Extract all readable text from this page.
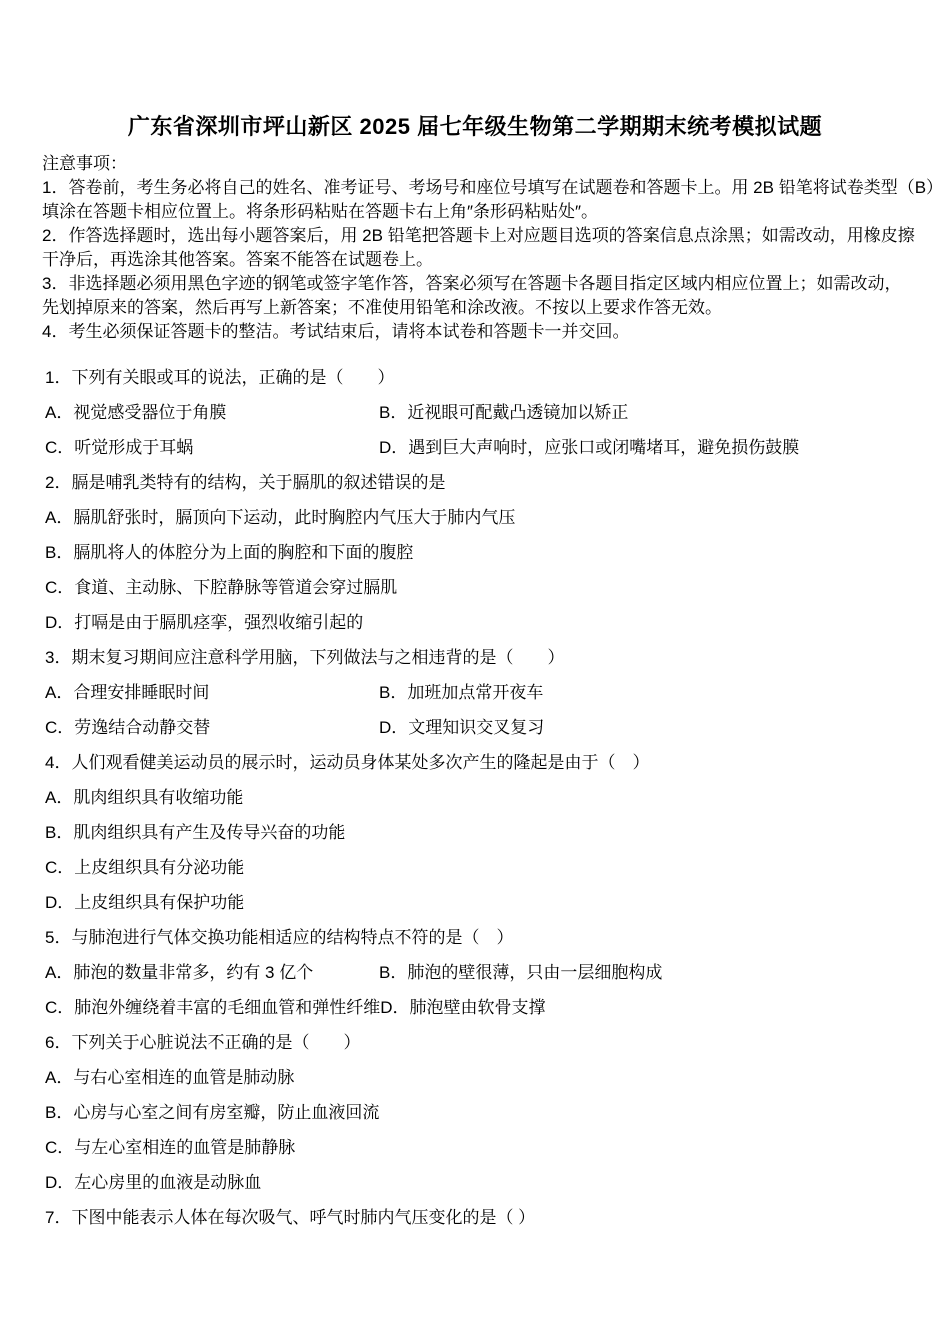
广东省深圳市坪山新区 2025 届七年级生物第二学期期末统考模拟试题
注意事项：
1．答卷前，考生务必将自己的姓名、准考证号、考场号和座位号填写在试题卷和答题卡上。用 2B 铅笔将试卷类型（B）
填涂在答题卡相应位置上。将条形码粘贴在答题卡右上角″条形码粘贴处″。
2．作答选择题时，选出每小题答案后，用 2B 铅笔把答题卡上对应题目选项的答案信息点涂黑；如需改动，用橡皮擦
干净后，再选涂其他答案。答案不能答在试题卷上。
3．非选择题必须用黑色字迹的钢笔或签字笔作答，答案必须写在答题卡各题目指定区域内相应位置上；如需改动，
先划掉原来的答案，然后再写上新答案；不准使用铅笔和涂改液。不按以上要求作答无效。
4．考生必须保证答题卡的整洁。考试结束后，请将本试卷和答题卡一并交回。
1．下列有关眼或耳的说法，正确的是（　　）
A．视觉感受器位于角膜	B．近视眼可配戴凸透镜加以矫正
C．听觉形成于耳蜗	D．遇到巨大声响时，应张口或闭嘴堵耳，避免损伤鼓膜
2．膈是哺乳类特有的结构，关于膈肌的叙述错误的是
A．膈肌舒张时，膈顶向下运动，此时胸腔内气压大于肺内气压
B．膈肌将人的体腔分为上面的胸腔和下面的腹腔
C．食道、主动脉、下腔静脉等管道会穿过膈肌
D．打嗝是由于膈肌痉挛，强烈收缩引起的
3．期末复习期间应注意科学用脑，下列做法与之相违背的是（　　）
A．合理安排睡眠时间	B．加班加点常开夜车
C．劳逸结合动静交替	D．文理知识交叉复习
4．人们观看健美运动员的展示时，运动员身体某处多次产生的隆起是由于（　）
A．肌肉组织具有收缩功能
B．肌肉组织具有产生及传导兴奋的功能
C．上皮组织具有分泌功能
D．上皮组织具有保护功能
5．与肺泡进行气体交换功能相适应的结构特点不符的是（　）
A．肺泡的数量非常多，约有 3 亿个	B．肺泡的壁很薄，只由一层细胞构成
C．肺泡外缠绕着丰富的毛细血管和弹性纤维D．肺泡壁由软骨支撑
6．下列关于心脏说法不正确的是（　　）
A．与右心室相连的血管是肺动脉
B．心房与心室之间有房室瓣，防止血液回流
C．与左心室相连的血管是肺静脉
D．左心房里的血液是动脉血
7．下图中能表示人体在每次吸气、呼气时肺内气压变化的是（ ）
